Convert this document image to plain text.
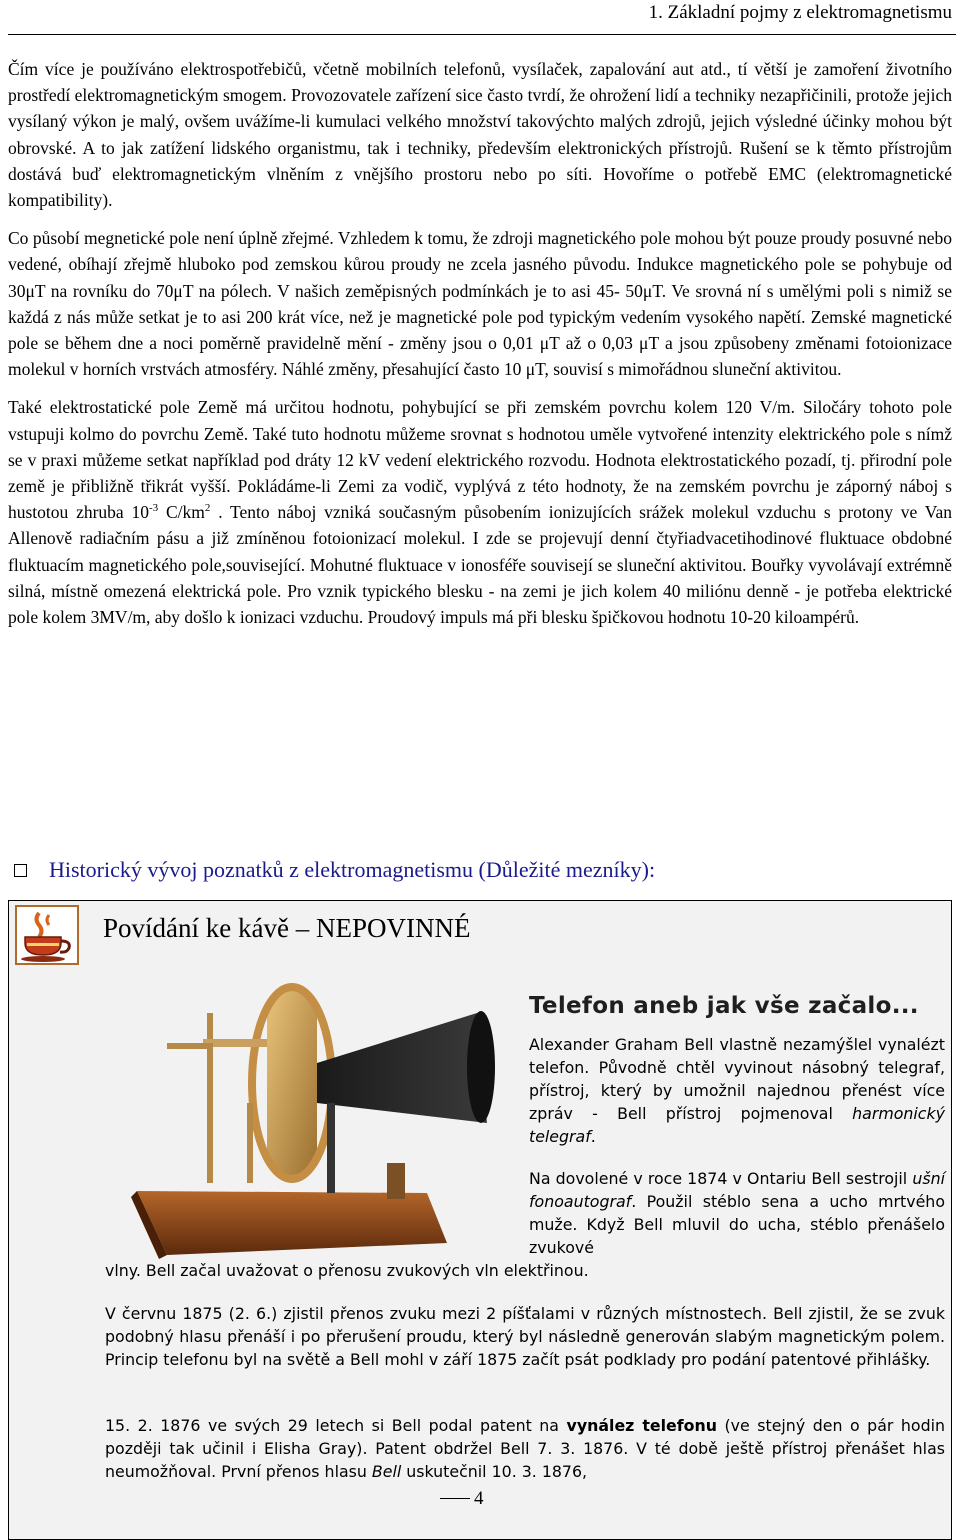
1. Základní pojmy z elektromagnetismu

Čím více je používáno elektrospotřebičů, včetně mobilních telefonů, vysílaček, zapalování aut atd., tí větší je zamoření životního prostředí elektromagnetickým smogem. Provozovatele zařízení sice často tvrdí, že ohrožení lidí a techniky nezapřičinili, protože jejich vysílaný výkon je malý, ovšem uvážíme-li kumulaci velkého množství takovýchto malých zdrojů, jejich výsledné účinky mohou být obrovské. A to jak zatížení lidského organistmu, tak i techniky, především elektronických přístrojů. Rušení se k těmto přístrojům dostává buď elektromagnetickým vlněním z vnějšího prostoru nebo po síti. Hovoříme o potřebě EMC (elektromagnetické kompatibility).

Co působí megnetické pole není úplně zřejmé. Vzhledem k tomu, že zdroji magnetického pole mohou být pouze proudy posuvné nebo vedené, obíhají zřejmě hluboko pod zemskou kůrou proudy ne zcela jasného původu. Indukce magnetického pole se pohybuje od 30μT na rovníku do 70μT na pólech. V našich zeměpisných podmínkách je to asi 45- 50μT. Ve srovná ní s umělými poli s nimiž se každá z nás může setkat je to asi 200 krát více, než je magnetické pole pod typickým vedením vysokého napětí. Zemské magnetické pole se během dne a noci poměrně pravidelně mění - změny jsou o 0,01 μT až o 0,03 μT a jsou způsobeny změnami fotoionizace molekul v horních vrstvách atmosféry. Náhlé změny, přesahující často 10 μT, souvisí s mimořádnou sluneční aktivitou.

Také elektrostatické pole Země má určitou hodnotu, pohybující se při zemském povrchu kolem 120 V/m. Siločáry tohoto pole vstupuji kolmo do povrchu Země. Také tuto hodnotu můžeme srovnat s hodnotou uměle vytvořené intenzity elektrického pole s nímž se v praxi můžeme setkat například pod dráty 12 kV vedení elektrického rozvodu. Hodnota elektrostatického pozadí, tj. přirodní pole země je přibližně třikrát vyšší. Pokládáme-li Zemi za vodič, vyplývá z této hodnoty, že na zemském povrchu je záporný náboj s hustotou zhruba $10^{-3}$ $C/km^2$ . Tento náboj vzniká současným působením ionizujících srážek molekul vzduchu s protony ve Van Allenově radiačním pásu a již zmíněnou fotoionizací molekul. I zde se projevují denní čtyřiadvacetihodinové fluktuace obdobné fluktuacím magnetického pole,související. Mohutné fluktuace v ionosféře souvisejí se sluneční aktivitou. Bouřky vyvolávají extrémně silná, místně omezená elektrická pole. Pro vznik typického blesku - na zemi je jich kolem 40 miliónu denně - je potřeba elektrické pole kolem 3MV/m, aby došlo k ionizaci vzduchu. Proudový impuls má při blesku špičkovou hodnotu 10-20 kiloampérů.

Historický vývoj poznatků z elektromagnetismu (Důležité mezníky):
Povídání ke kávě – NEPOVINNÉ
Telefon aneb jak vše začalo...

Alexander Graham Bell vlastně nezamýšlel vynalézt telefon. Původně chtěl vyvinout násobný telegraf, přístroj, který by umožnil najednou přenést více zpráv - Bell přístroj pojmenoval harmonický telegraf.

Na dovolené v roce 1874 v Ontariu Bell sestrojil ušní fonoautograf. Použil stéblo sena a ucho mrtvého muže. Když Bell mluvil do ucha, stéblo přenášelo zvukové

vlny. Bell začal uvažovat o přenosu zvukových vln elektřinou.

V červnu 1875 (2. 6.) zjistil přenos zvuku mezi 2 píšťalami v různých místnostech. Bell zjistil, že se zvuk podobný hlasu přenáší i po přerušení proudu, který byl následně generován slabým magnetickým polem. Princip telefonu byl na světě a Bell mohl v září 1875 začít psát podklady pro podání patentové přihlášky.

15. 2. 1876 ve svých 29 letech si Bell podal patent na vynález telefonu (ve stejný den o pár hodin později tak učinil i Elisha Gray). Patent obdržel Bell 7. 3. 1876. V té době ještě přístroj přenášet hlas neumožňoval. První přenos hlasu Bell uskutečnil 10. 3. 1876,

4
